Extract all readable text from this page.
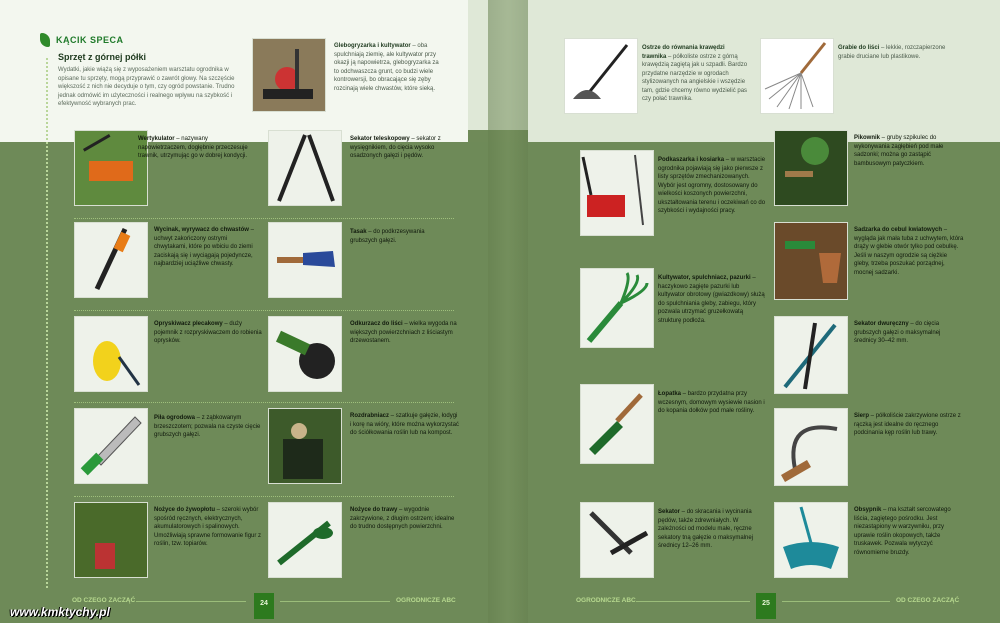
KĄCIK SPECA
Sprzęt z górnej półki
Wydatki, jakie wiążą się z wyposażeniem warsztatu ogrodnika w opisane tu sprzęty, mogą przyprawić o zawrót głowy. Na szczęście większość z nich nie decyduje o tym, czy ogród powstanie. Trudno jednak odmówić im użyteczności i realnego wpływu na szybkość i efektywność wybranych prac.
Glebogryzarka i kultywator – oba spulchniają ziemię, ale kultywator przy okazji ją napowietrza, glebogryzarka za to odchwaszcza grunt, co budzi wiele kontrowersji, bo obracające się zęby rozcinają wiele chwastów, które sieką.
Wertykulator – nazywany napowietrzaczem, dogłębnie przeczesuje trawnik, utrzymując go w dobrej kondycji.
Sekator teleskopowy – sekator z wysięgnikiem, do cięcia wysoko osadzonych gałęzi i pędów.
Wycinak, wyrywacz do chwastów – uchwyt zakończony ostrymi chwytakami, które po wbiciu do ziemi zaciskają się i wyciągają pojedyncze, najbardziej uciążliwe chwasty.
Tasak – do podkrzesywania grubszych gałęzi.
Opryskiwacz plecakowy – duży pojemnik z rozpryskiwaczem do robienia oprysków.
Odkurzacz do liści – wielka wygoda na większych powierzchniach z liściastym drzewostanem.
Piła ogrodowa – z ząbkowanym brzeszczotem; pozwala na czyste cięcie grubszych gałęzi.
Rozdrabniacz – szatkuje gałęzie, łodygi i korę na wióry, które można wykorzystać do ściółkowania roślin lub na kompost.
Nożyce do żywopłotu – szeroki wybór spośród ręcznych, elektrycznych, akumulatorowych i spalinowych. Umożliwiają sprawne formowanie figur z roślin, tzw. topiarów.
Nożyce do trawy – wygodnie zakrzywione, z długim ostrzem; idealne do trudno dostępnych powierzchni.
Ostrze do równania krawędzi trawnika – półkoliste ostrze z górną krawędzią zagiętą jak u szpadli. Bardzo przydatne narzędzie w ogrodach stylizowanych na angielskie i wszędzie tam, gdzie chcemy równo wydzielić pas czy połać trawnika.
Grabie do liści – lekkie, rozczapierzone grabie druciane lub plastikowe.
Podkaszarka i kosiarka – w warsztacie ogrodnika pojawiają się jako pierwsze z listy sprzętów zmechanizowanych. Wybór jest ogromny, dostosowany do wielkości koszonych powierzchni, ukształtowania terenu i oczekiwań co do szybkości i wydajności pracy.
Pikownik – gruby szpikulec do wykonywania zagłębień pod małe sadzonki; można go zastąpić bambusowym patyczkiem.
Sadzarka do cebul kwiatowych – wygląda jak mała tuba z uchwytem, która drąży w glebie otwór tylko pod cebulkę. Jeśli w naszym ogrodzie są ciężkie gleby, trzeba poszukać porządnej, mocnej sadzarki.
Kultywator, spulchniacz, pazurki – haczykowo zagięte pazurki lub kultywator obrotowy (gwiazdkowy) służą do spulchniania gleby, zabiegu, który pozwala utrzymać gruzełkowatą strukturę podłoża.
Sekator dwuręczny – do cięcia grubszych gałęzi o maksymalnej średnicy 30–42 mm.
Łopatka – bardzo przydatna przy wczesnym, domowym wysiewie nasion i do kopania dołków pod małe rośliny.
Sierp – półkoliście zakrzywione ostrze z rączką jest idealne do ręcznego podcinania kęp roślin lub trawy.
Sekator – do skracania i wycinania pędów, także zdrewniałych. W zależności od modelu małe, ręczne sekatory tną gałęzie o maksymalnej średnicy 12–26 mm.
Obsypnik – ma kształt sercowatego liścia, zagiętego pośrodku. Jest niezastąpiony w warzywniku, przy uprawie roślin okopowych, także truskawek. Pozwala wytyczyć równomierne bruzdy.
OD CZEGO ZACZĄĆ	24	OGRODNICZE ABC	OGRODNICZE ABC	25	OD CZEGO ZACZĄĆ
www.kmktychy.pl
